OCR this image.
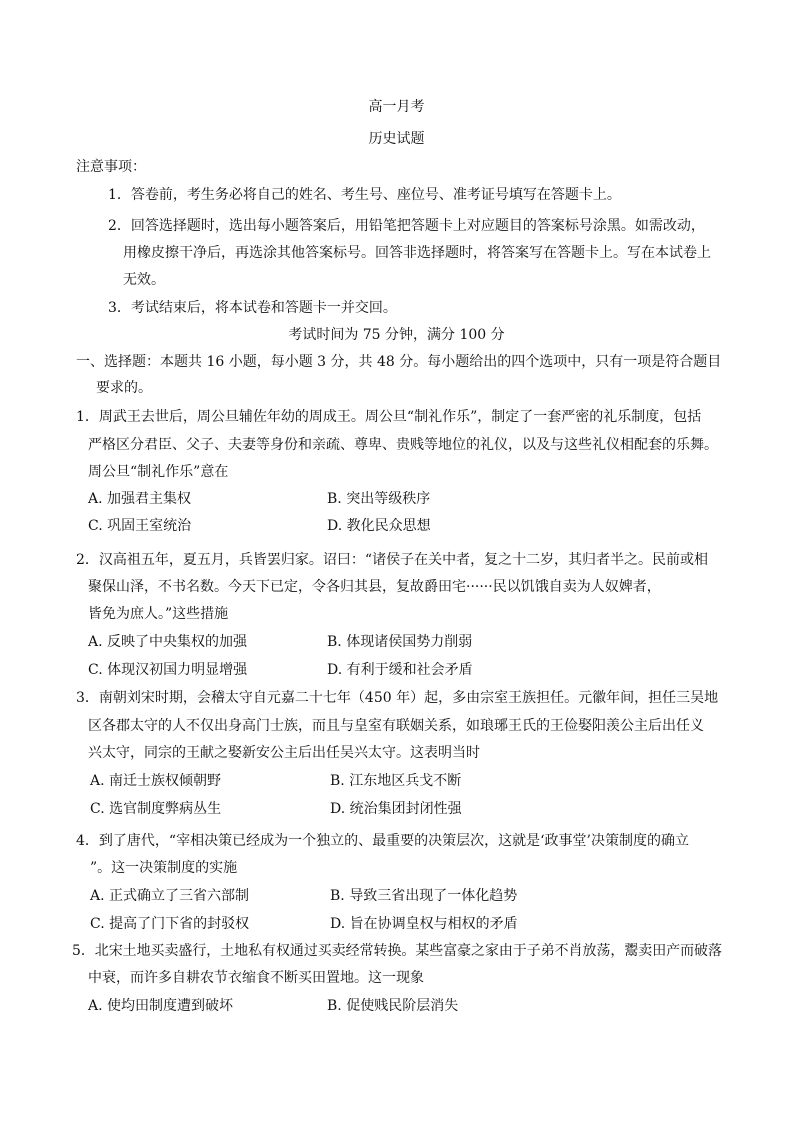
高一月考
历史试题
注意事项：
1．答卷前，考生务必将自己的姓名、考生号、座位号、准考证号填写在答题卡上。
2．回答选择题时，选出每小题答案后，用铅笔把答题卡上对应题目的答案标号涂黑。如需改动，
用橡皮擦干净后，再选涂其他答案标号。回答非选择题时，将答案写在答题卡上。写在本试卷上
无效。
3．考试结束后，将本试卷和答题卡一并交回。
考试时间为 75 分钟，满分 100 分
一、选择题：本题共 16 小题，每小题 3 分，共 48 分。每小题给出的四个选项中，只有一项是符合题目
要求的。
1．周武王去世后，周公旦辅佐年幼的周成王。周公旦“制礼作乐”，制定了一套严密的礼乐制度，包括
严格区分君臣、父子、夫妻等身份和亲疏、尊卑、贵贱等地位的礼仪，以及与这些礼仪相配套的乐舞。
周公旦“制礼作乐”意在
A. 加强君主集权	B. 突出等级秩序
C. 巩固王室统治	D. 教化民众思想
2．汉高祖五年，夏五月，兵皆罢归家。诏曰：“诸侯子在关中者，复之十二岁，其归者半之。民前或相
聚保山泽，不书名数。今天下已定，令各归其县，复故爵田宅······民以饥饿自卖为人奴婢者，
皆免为庶人。”这些措施
A. 反映了中央集权的加强	B. 体现诸侯国势力削弱
C. 体现汉初国力明显增强	D. 有利于缓和社会矛盾
3．南朝刘宋时期，会稽太守自元嘉二十七年（450 年）起，多由宗室王族担任。元徽年间，担任三吴地
区各郡太守的人不仅出身高门士族，而且与皇室有联姻关系，如琅琊王氏的王俭娶阳羡公主后出任义
兴太守，同宗的王献之娶新安公主后出任吴兴太守。这表明当时
A. 南迁士族权倾朝野	B. 江东地区兵戈不断
C. 选官制度弊病丛生	D. 统治集团封闭性强
4．到了唐代，“宰相决策已经成为一个独立的、最重要的决策层次，这就是‘政事堂’决策制度的确立
”。这一决策制度的实施
A. 正式确立了三省六部制	B. 导致三省出现了一体化趋势
C. 提高了门下省的封驳权	D. 旨在协调皇权与相权的矛盾
5．北宋土地买卖盛行，土地私有权通过买卖经常转换。某些富豪之家由于子弟不肖放荡，鬻卖田产而破落
中衰，而许多自耕农节衣缩食不断买田置地。这一现象
A. 使均田制度遭到破坏	B. 促使贱民阶层消失
